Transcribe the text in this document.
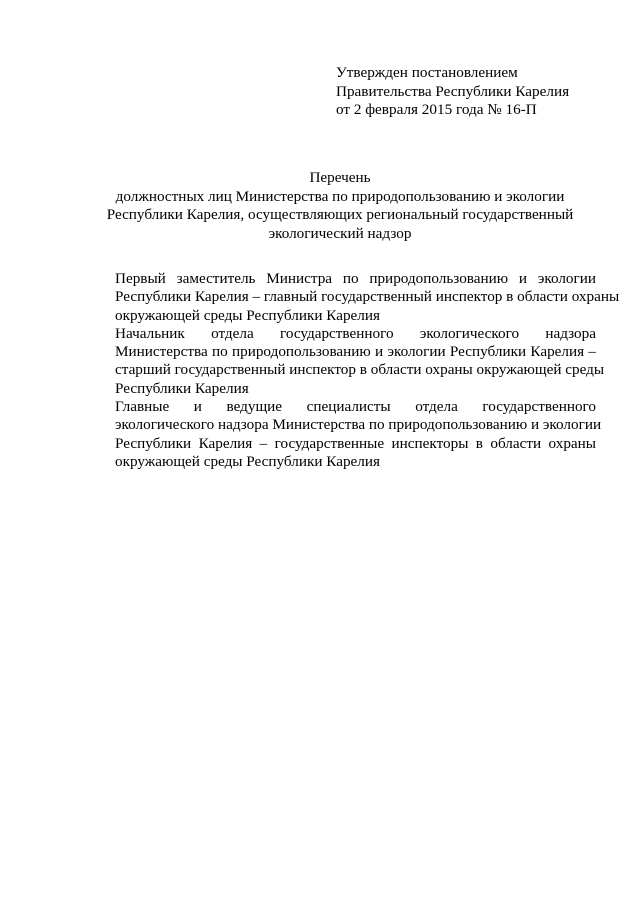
Утвержден постановлением
Правительства Республики Карелия
от 2 февраля 2015 года № 16-П
Перечень
должностных лиц Министерства по природопользованию и экологии
Республики Карелия, осуществляющих региональный государственный
экологический надзор
Первый заместитель Министра по природопользованию и экологии
Республики Карелия – главный государственный инспектор в области охраны
окружающей среды Республики Карелия
Начальник отдела государственного экологического надзора
Министерства по природопользованию и экологии Республики Карелия –
старший государственный инспектор в области охраны окружающей среды
Республики Карелия
Главные и ведущие специалисты отдела государственного
экологического надзора Министерства по природопользованию и экологии
Республики Карелия – государственные инспекторы в области охраны
окружающей среды Республики Карелия
